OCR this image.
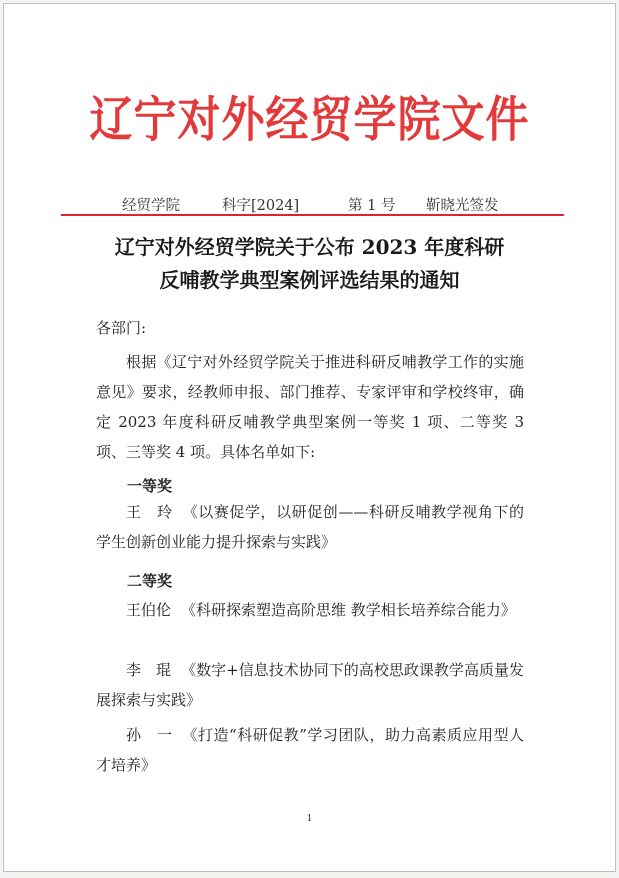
辽宁对外经贸学院文件
经贸学院	科字[2024]	第 1 号 靳晓光签发
辽宁对外经贸学院关于公布 2023 年度科研
反哺教学典型案例评选结果的通知
各部门:

根据《辽宁对外经贸学院关于推进科研反哺教学工作的实施意见》要求，经教师申报、部门推荐、专家评审和学校终审，确定 2023 年度科研反哺教学典型案例一等奖 1 项、二等奖 3 项、三等奖 4 项。具体名单如下:

一等奖

王　玲 《以赛促学，以研促创——科研反哺教学视角下的学生创新创业能力提升探索与实践》

二等奖

王伯伦 《科研探索塑造高阶思维 教学相长培养综合能力》

李　琨 《数字+信息技术协同下的高校思政课教学高质量发展探索与实践》

孙　一 《打造“科研促教”学习团队，助力高素质应用型人才培养》

1
